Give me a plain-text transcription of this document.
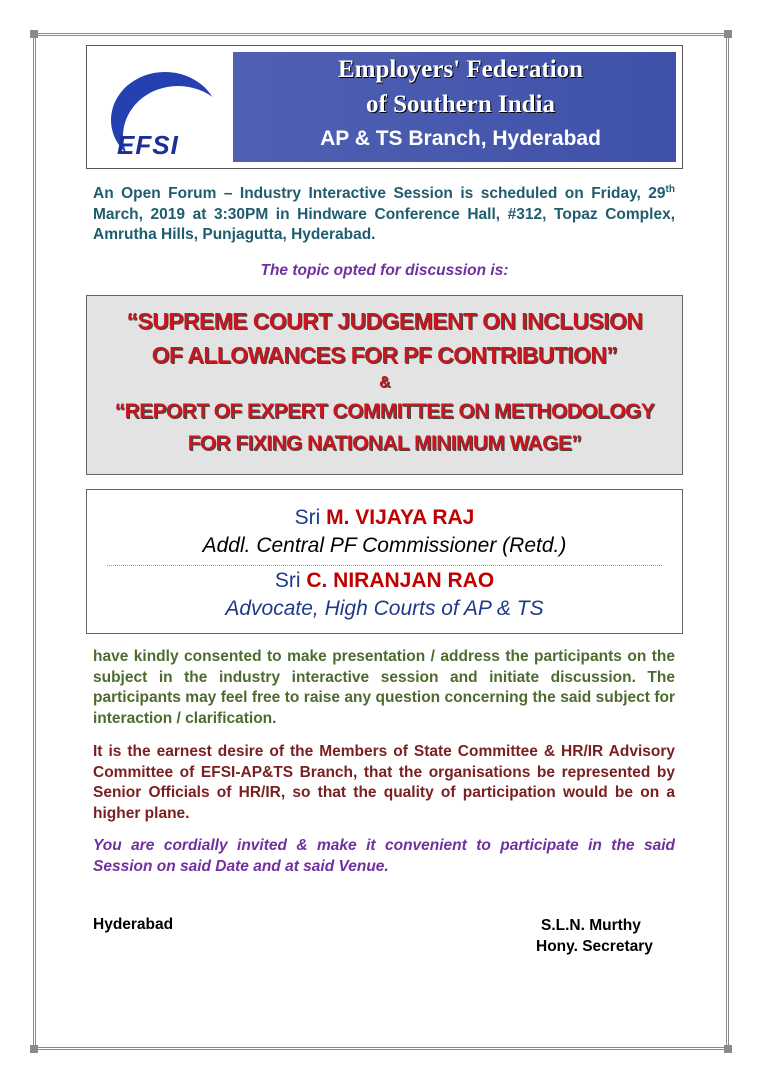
EFSI
Employers' Federation
of Southern India
AP & TS Branch, Hyderabad
An Open Forum – Industry Interactive Session is scheduled on Friday, 29th March, 2019 at 3:30PM in Hindware Conference Hall, #312, Topaz Complex, Amrutha Hills, Punjagutta, Hyderabad.
The topic opted for discussion is:
“SUPREME COURT JUDGEMENT ON INCLUSION
OF ALLOWANCES FOR PF CONTRIBUTION”
&
“REPORT OF EXPERT COMMITTEE ON METHODOLOGY
FOR FIXING NATIONAL MINIMUM WAGE”
Sri M. VIJAYA RAJ
Addl. Central PF Commissioner (Retd.)
Sri C. NIRANJAN RAO
Advocate, High Courts of AP & TS
have kindly consented to make presentation / address the participants on the subject in the industry interactive session and initiate discussion. The participants may feel free to raise any question concerning the said subject for interaction / clarification.
It is the earnest desire of the Members of State Committee & HR/IR Advisory Committee of EFSI-AP&TS Branch, that the organisations be represented by Senior Officials of HR/IR, so that the quality of participation would be on a higher plane.
You are cordially invited & make it convenient to participate in the said Session on said Date and at said Venue.
Hyderabad	S.L.N. Murthy
Hony. Secretary
